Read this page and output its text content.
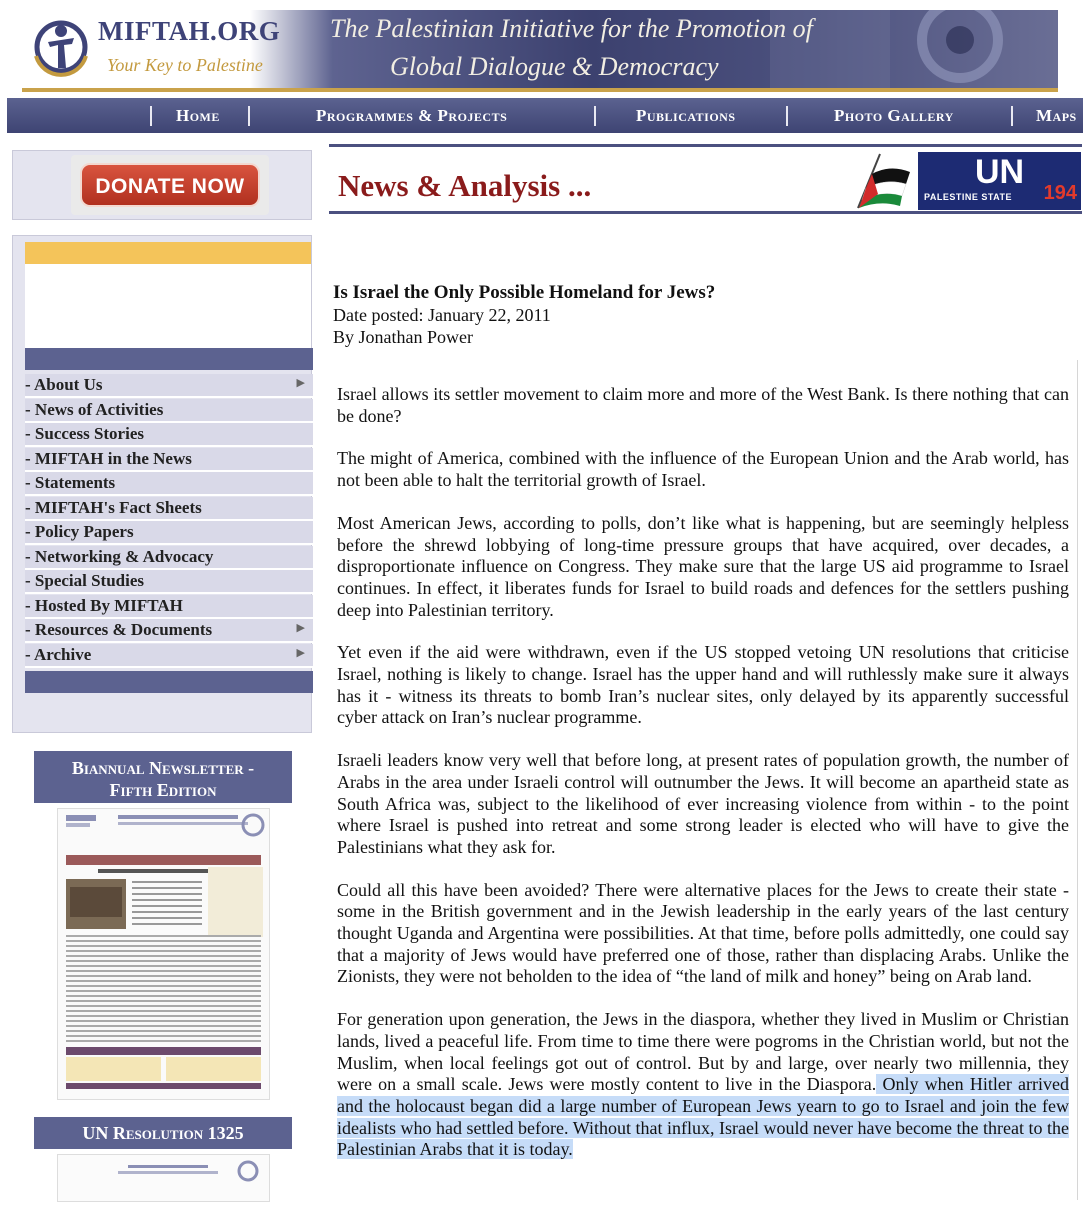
MIFTAH.ORG
Your Key to Palestine
The Palestinian Initiative for the Promotion of
Global Dialogue & Democracy
Home	Programmes & Projects	Publications	Photo Gallery	Maps
DONATE NOW
- About Us	▶
- News of Activities
- Success Stories
- MIFTAH in the News
- Statements
- MIFTAH's Fact Sheets
- Policy Papers
- Networking & Advocacy
- Special Studies
- Hosted By MIFTAH
- Resources & Documents	▶
- Archive	▶
Biannual Newsletter -
Fifth Edition
UN Resolution 1325
News & Analysis ...	UN
PALESTINE STATE 194
Is Israel the Only Possible Homeland for Jews?
Date posted: January 22, 2011
By Jonathan Power

Israel allows its settler movement to claim more and more of the West Bank. Is there nothing that can be done?

The might of America, combined with the influence of the European Union and the Arab world, has not been able to halt the territorial growth of Israel.

Most American Jews, according to polls, don’t like what is happening, but are seemingly helpless before the shrewd lobbying of long-time pressure groups that have acquired, over decades, a disproportionate influence on Congress. They make sure that the large US aid programme to Israel continues. In effect, it liberates funds for Israel to build roads and defences for the settlers pushing deep into Palestinian territory.

Yet even if the aid were withdrawn, even if the US stopped vetoing UN resolutions that criticise Israel, nothing is likely to change. Israel has the upper hand and will ruthlessly make sure it always has it - witness its threats to bomb Iran’s nuclear sites, only delayed by its apparently successful cyber attack on Iran’s nuclear programme.

Israeli leaders know very well that before long, at present rates of population growth, the number of Arabs in the area under Israeli control will outnumber the Jews. It will become an apartheid state as South Africa was, subject to the likelihood of ever increasing violence from within - to the point where Israel is pushed into retreat and some strong leader is elected who will have to give the Palestinians what they ask for.

Could all this have been avoided? There were alternative places for the Jews to create their state - some in the British government and in the Jewish leadership in the early years of the last century thought Uganda and Argentina were possibilities. At that time, before polls admittedly, one could say that a majority of Jews would have preferred one of those, rather than displacing Arabs. Unlike the Zionists, they were not beholden to the idea of “the land of milk and honey” being on Arab land.

For generation upon generation, the Jews in the diaspora, whether they lived in Muslim or Christian lands, lived a peaceful life. From time to time there were pogroms in the Christian world, but not the Muslim, when local feelings got out of control. But by and large, over nearly two millennia, they were on a small scale. Jews were mostly content to live in the Diaspora. Only when Hitler arrived and the holocaust began did a large number of European Jews yearn to go to Israel and join the few idealists who had settled before. Without that influx, Israel would never have become the threat to the Palestinian Arabs that it is today.
